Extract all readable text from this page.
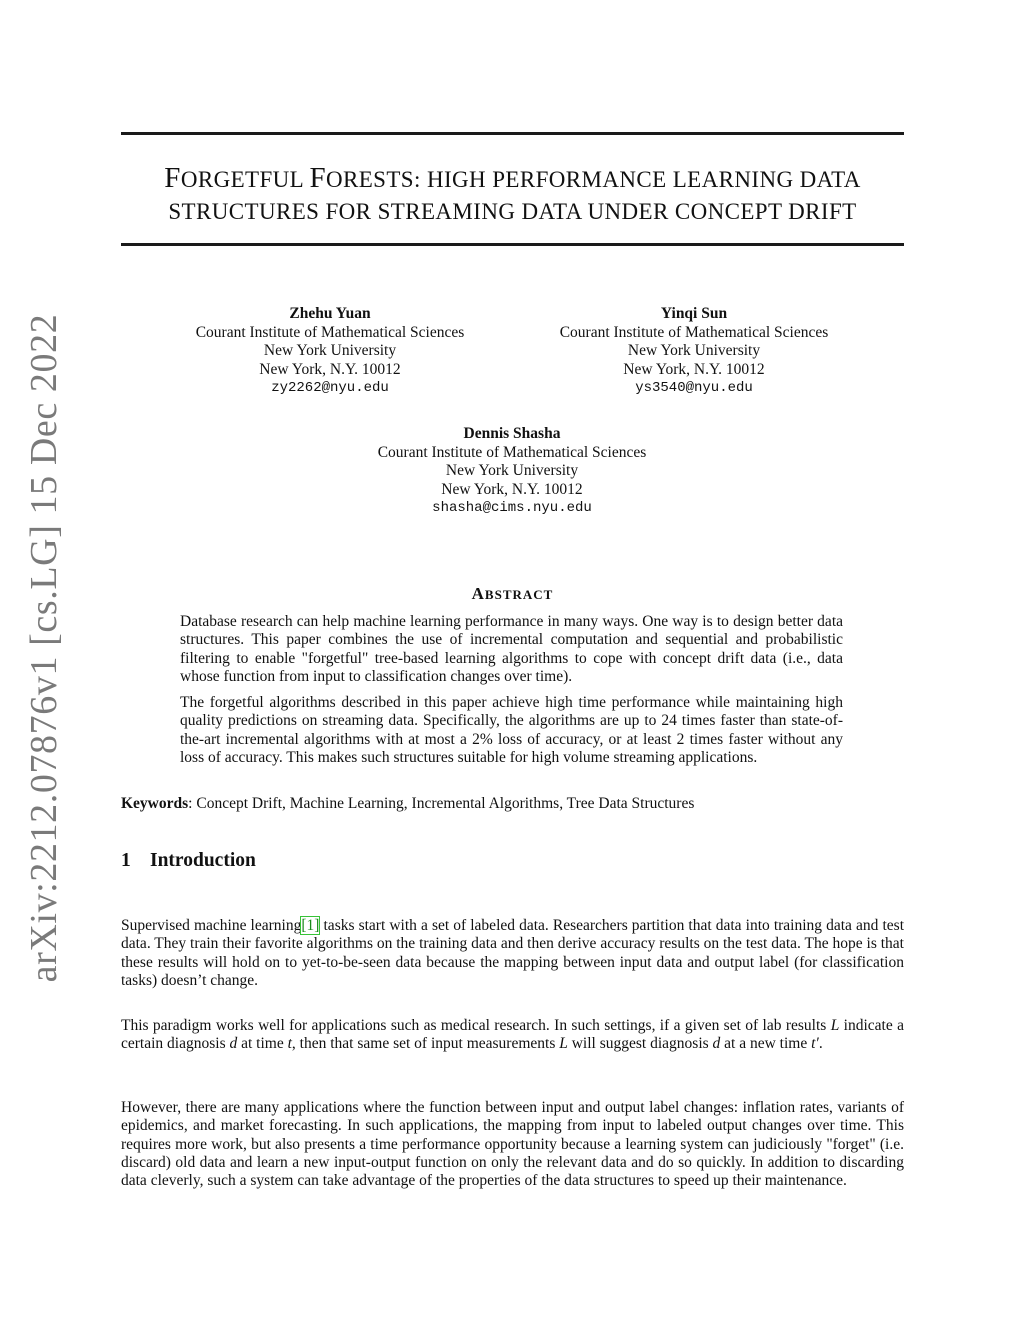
arXiv:2212.07876v1 [cs.LG] 15 Dec 2022
FORGETFUL FORESTS: HIGH PERFORMANCE LEARNING DATA
STRUCTURES FOR STREAMING DATA UNDER CONCEPT DRIFT
Zhehu Yuan
Courant Institute of Mathematical Sciences
New York University
New York, N.Y. 10012
zy2262@nyu.edu
Yinqi Sun
Courant Institute of Mathematical Sciences
New York University
New York, N.Y. 10012
ys3540@nyu.edu
Dennis Shasha
Courant Institute of Mathematical Sciences
New York University
New York, N.Y. 10012
shasha@cims.nyu.edu
ABSTRACT
Database research can help machine learning performance in many ways. One way is to design better data structures. This paper combines the use of incremental computation and sequential and probabilistic filtering to enable "forgetful" tree-based learning algorithms to cope with concept drift data (i.e., data whose function from input to classification changes over time).
The forgetful algorithms described in this paper achieve high time performance while maintaining high quality predictions on streaming data. Specifically, the algorithms are up to 24 times faster than state-of-the-art incremental algorithms with at most a 2% loss of accuracy, or at least 2 times faster without any loss of accuracy. This makes such structures suitable for high volume streaming applications.
Keywords: Concept Drift, Machine Learning, Incremental Algorithms, Tree Data Structures
1 Introduction
Supervised machine learning[1] tasks start with a set of labeled data. Researchers partition that data into training data and test data. They train their favorite algorithms on the training data and then derive accuracy results on the test data. The hope is that these results will hold on to yet-to-be-seen data because the mapping between input data and output label (for classification tasks) doesn’t change.
This paradigm works well for applications such as medical research. In such settings, if a given set of lab results L indicate a certain diagnosis d at time t, then that same set of input measurements L will suggest diagnosis d at a new time t′.
However, there are many applications where the function between input and output label changes: inflation rates, variants of epidemics, and market forecasting. In such applications, the mapping from input to labeled output changes over time. This requires more work, but also presents a time performance opportunity because a learning system can judiciously "forget" (i.e. discard) old data and learn a new input-output function on only the relevant data and do so quickly. In addition to discarding data cleverly, such a system can take advantage of the properties of the data structures to speed up their maintenance.
